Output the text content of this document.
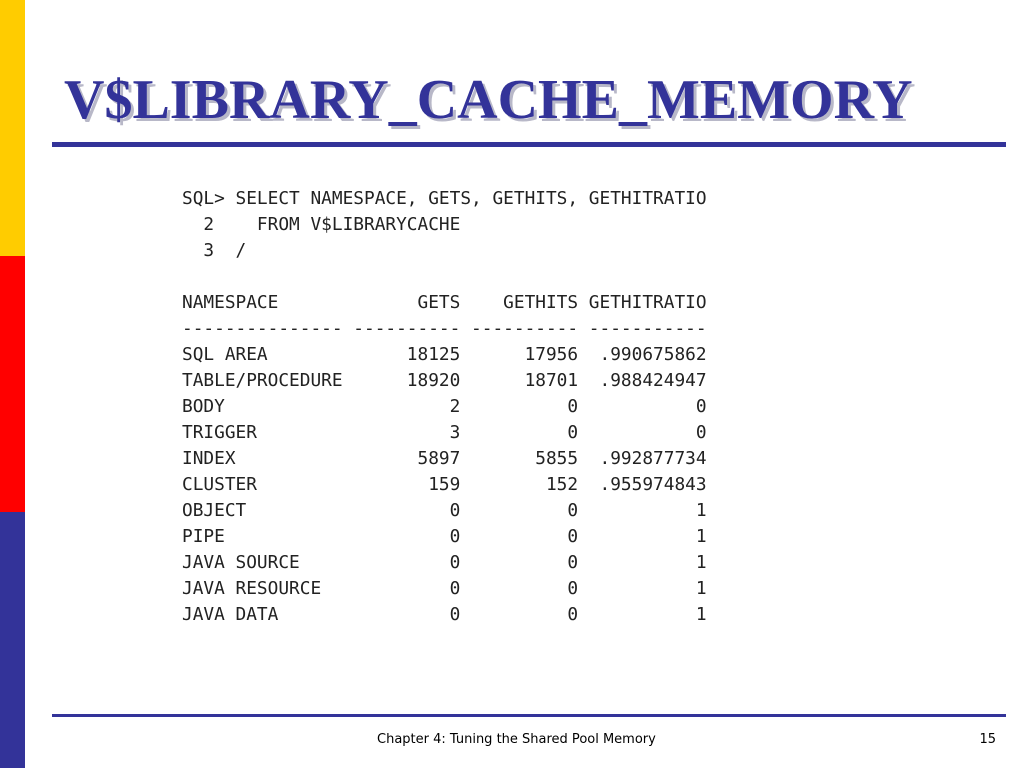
V$LIBRARY_CACHE_MEMORY
SQL> SELECT NAMESPACE, GETS, GETHITS, GETHITRATIO
2    FROM V$LIBRARYCACHE
3  /
NAMESPACE             GETS    GETHITS GETHITRATIO
--------------- ---------- ---------- -----------
SQL AREA             18125      17956  .990675862
TABLE/PROCEDURE      18920      18701  .988424947
BODY                     2          0           0
TRIGGER                  3          0           0
INDEX                 5897       5855  .992877734
CLUSTER                159        152  .955974843
OBJECT                   0          0           1
PIPE                     0          0           1
JAVA SOURCE              0          0           1
JAVA RESOURCE            0          0           1
JAVA DATA                0          0           1
Chapter 4: Tuning the Shared Pool Memory	15
